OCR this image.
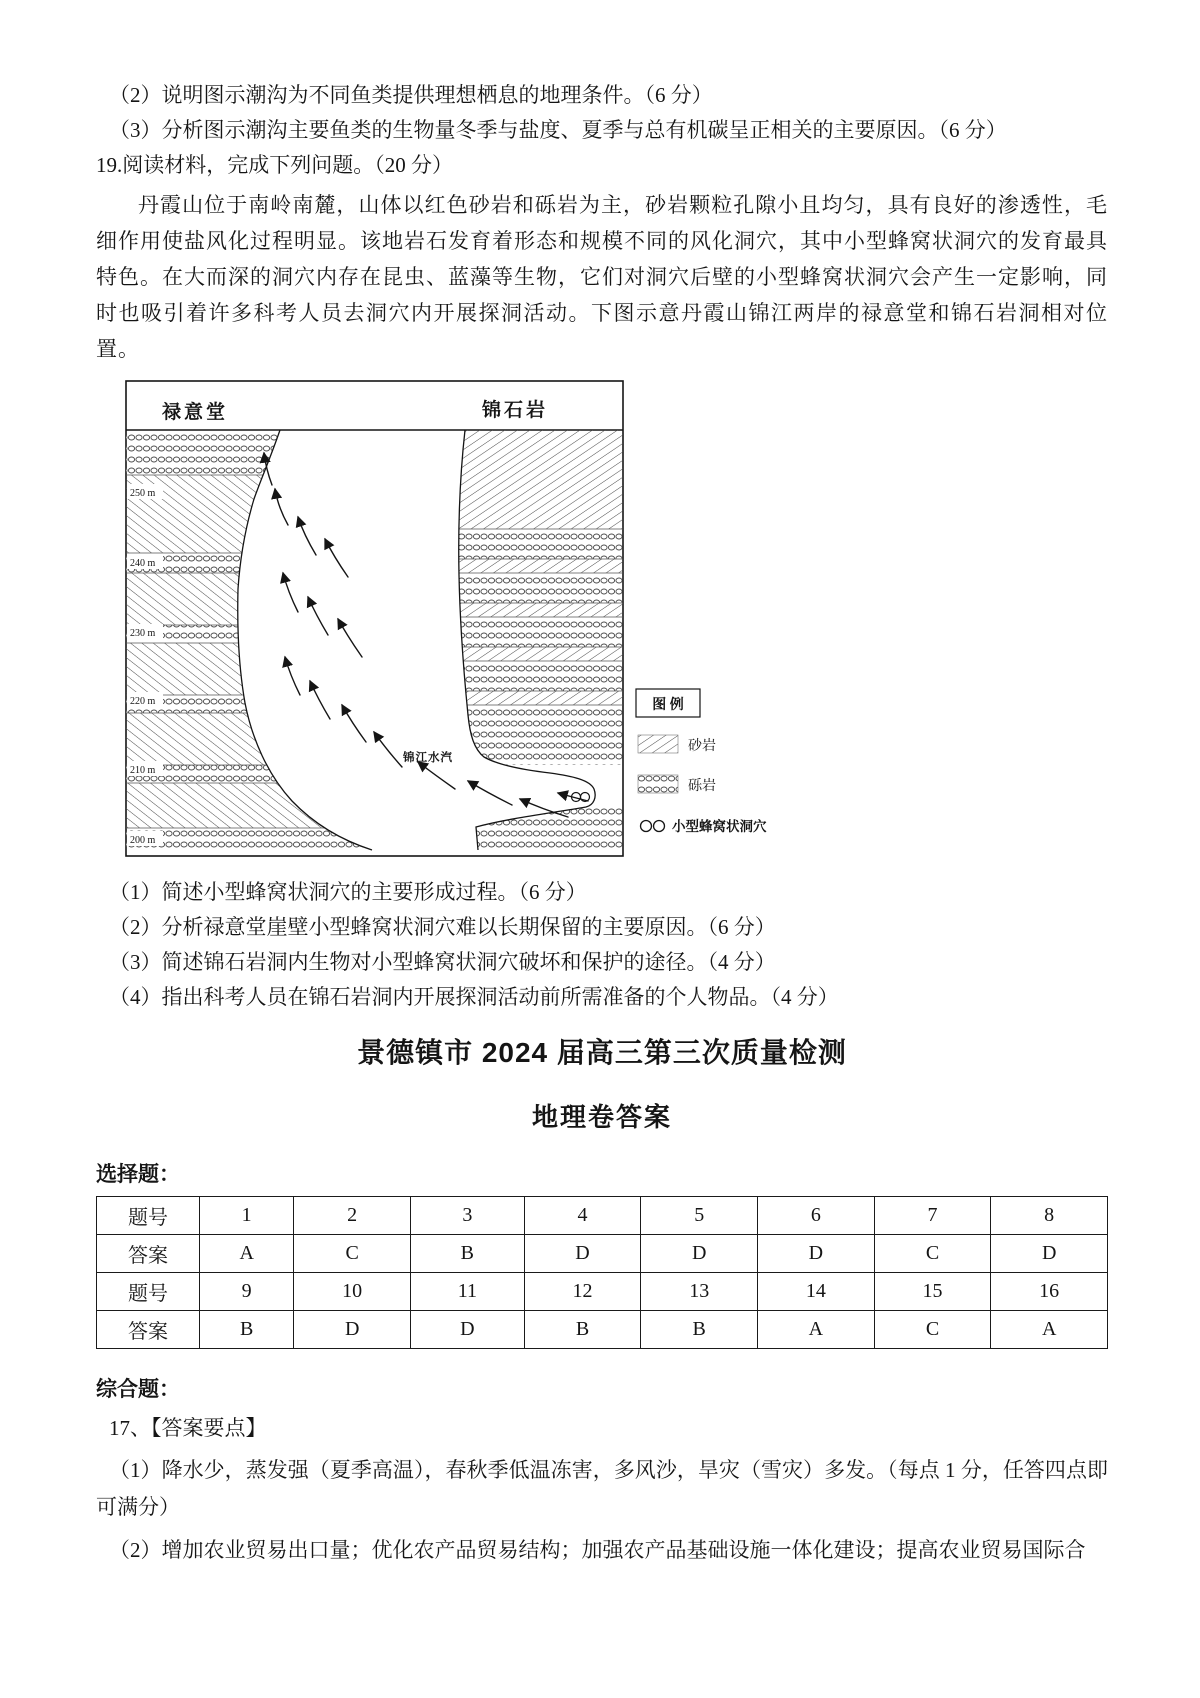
（2）说明图示潮沟为不同鱼类提供理想栖息的地理条件。（6 分）

（3）分析图示潮沟主要鱼类的生物量冬季与盐度、夏季与总有机碳呈正相关的主要原因。（6 分）

19.阅读材料，完成下列问题。（20 分）

丹霞山位于南岭南麓，山体以红色砂岩和砾岩为主，砂岩颗粒孔隙小且均匀，具有良好的渗透性，毛细作用使盐风化过程明显。该地岩石发育着形态和规模不同的风化洞穴，其中小型蜂窝状洞穴的发育最具特色。在大而深的洞穴内存在昆虫、蓝藻等生物，它们对洞穴后壁的小型蜂窝状洞穴会产生一定影响，同时也吸引着许多科考人员去洞穴内开展探洞活动。下图示意丹霞山锦江两岸的禄意堂和锦石岩洞相对位置。

禄意堂	锦石岩
250 m
240 m
230 m
220 m
210 m
200 m
锦江水汽
图 例
砂岩
砾岩
小型蜂窝状洞穴

（1）简述小型蜂窝状洞穴的主要形成过程。（6 分）

（2）分析禄意堂崖壁小型蜂窝状洞穴难以长期保留的主要原因。（6 分）

（3）简述锦石岩洞内生物对小型蜂窝状洞穴破坏和保护的途径。（4 分）

（4）指出科考人员在锦石岩洞内开展探洞活动前所需准备的个人物品。（4 分）

景德镇市 2024 届高三第三次质量检测
地理卷答案

选择题：

题号	1	2	3	4	5	6	7	8
答案	A	C	B	D	D	D	C	D
题号	9	10	11	12	13	14	15	16
答案	B	D	D	B	B	A	C	A

综合题：

17、【答案要点】

（1）降水少，蒸发强（夏季高温），春秋季低温冻害，多风沙，旱灾（雪灾）多发。（每点 1 分，任答四点即可满分）

（2）增加农业贸易出口量；优化农产品贸易结构；加强农产品基础设施一体化建设；提高农业贸易国际合
